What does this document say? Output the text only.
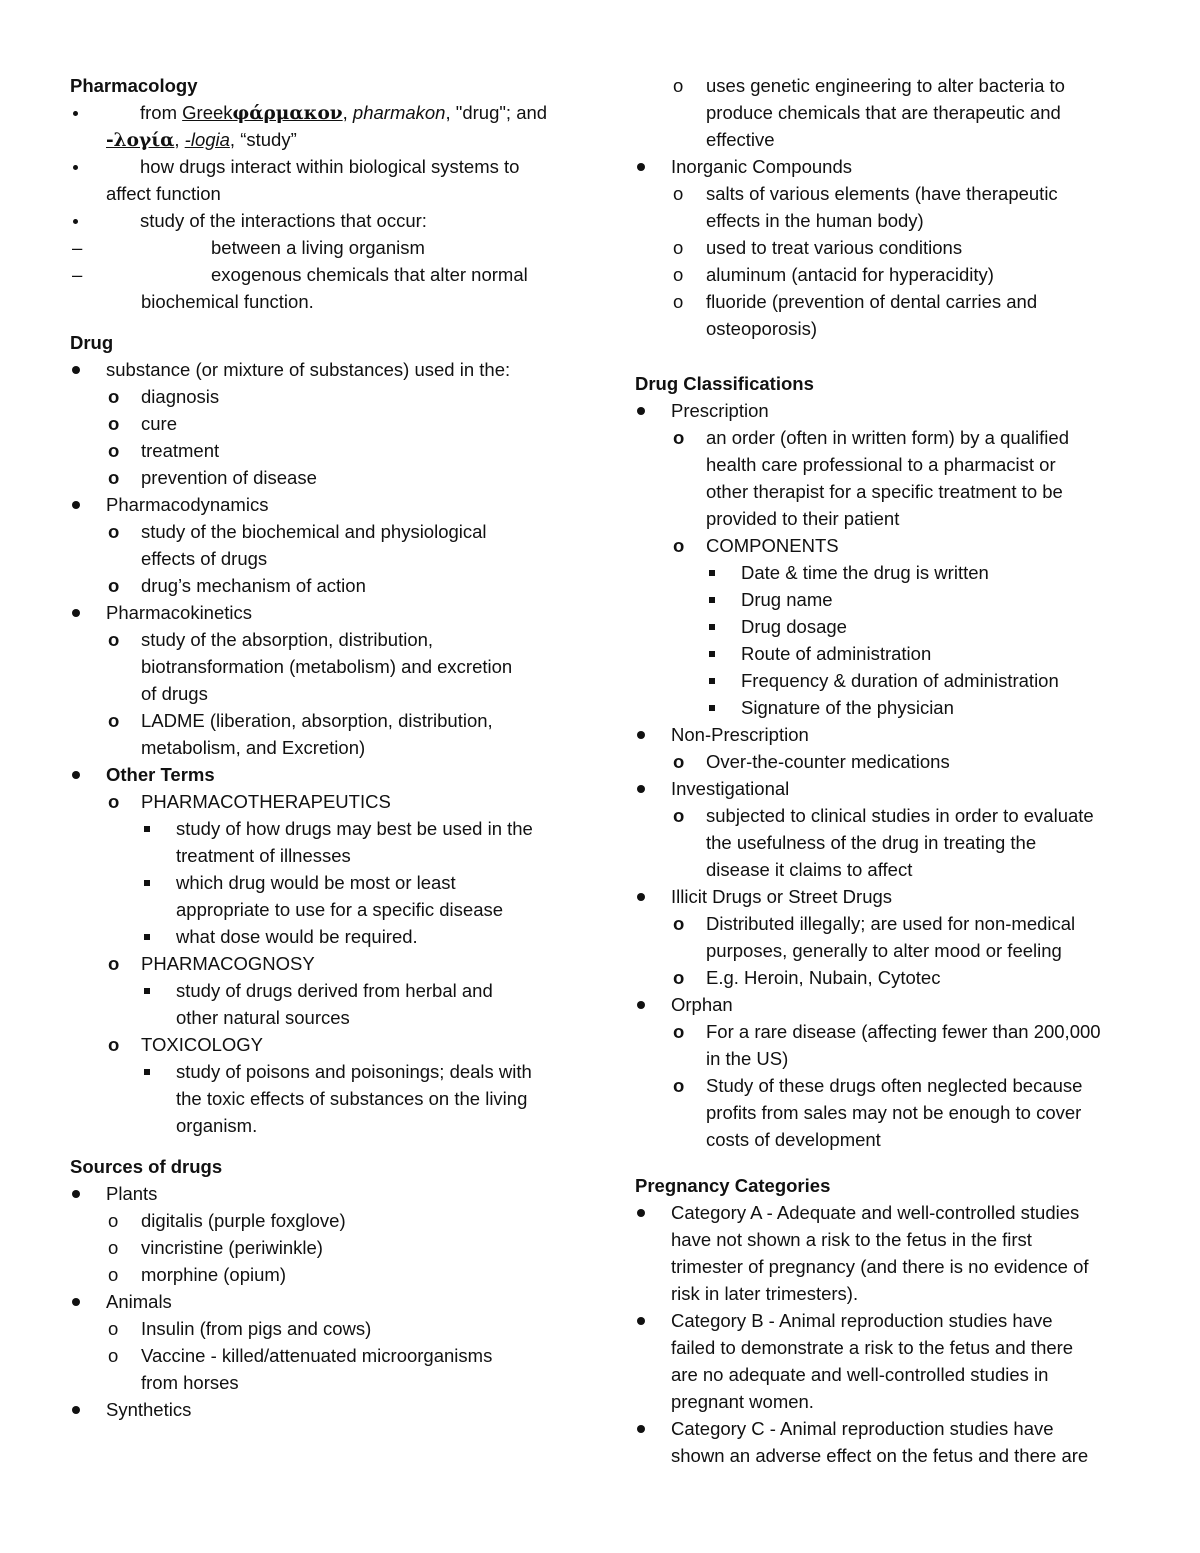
Pharmacology
from Greekφάρμακον, pharmakon, "drug"; and
-λογία, -logia, “study”
how drugs interact within biological systems to
affect function
study of the interactions that occur:
–	between a living organism
–	exogenous chemicals that alter normal
biochemical function.
Drug
substance (or mixture of substances) used in the:
o diagnosis
o cure
o treatment
o prevention of disease
Pharmacodynamics
o study of the biochemical and physiological
effects of drugs
o drug’s mechanism of action
Pharmacokinetics
o study of the absorption, distribution,
biotransformation (metabolism) and excretion
of drugs
o LADME (liberation, absorption, distribution,
metabolism, and Excretion)
Other Terms
o PHARMACOTHERAPEUTICS
study of how drugs may best be used in the
treatment of illnesses
which drug would be most or least
appropriate to use for a specific disease
what dose would be required.
o PHARMACOGNOSY
study of drugs derived from herbal and
other natural sources
o TOXICOLOGY
study of poisons and poisonings; deals with
the toxic effects of substances on the living
organism.
Sources of drugs
Plants
o digitalis (purple foxglove)
o vincristine (periwinkle)
o morphine (opium)
Animals
o Insulin (from pigs and cows)
o Vaccine - killed/attenuated microorganisms
from horses
Synthetics
o uses genetic engineering to alter bacteria to
produce chemicals that are therapeutic and
effective
Inorganic Compounds
o salts of various elements (have therapeutic
effects in the human body)
o used to treat various conditions
o aluminum (antacid for hyperacidity)
o fluoride (prevention of dental carries and
osteoporosis)
Drug Classifications
Prescription
o an order (often in written form) by a qualified
health care professional to a pharmacist or
other therapist for a specific treatment to be
provided to their patient
o COMPONENTS
Date & time the drug is written
Drug name
Drug dosage
Route of administration
Frequency & duration of administration
Signature of the physician
Non-Prescription
o Over-the-counter medications
Investigational
o subjected to clinical studies in order to evaluate
the usefulness of the drug in treating the
disease it claims to affect
Illicit Drugs or Street Drugs
o Distributed illegally; are used for non-medical
purposes, generally to alter mood or feeling
o E.g. Heroin, Nubain, Cytotec
Orphan
o For a rare disease (affecting fewer than 200,000
in the US)
o Study of these drugs often neglected because
profits from sales may not be enough to cover
costs of development
Pregnancy Categories
Category A - Adequate and well-controlled studies
have not shown a risk to the fetus in the first
trimester of pregnancy (and there is no evidence of
risk in later trimesters).
Category B - Animal reproduction studies have
failed to demonstrate a risk to the fetus and there
are no adequate and well-controlled studies in
pregnant women.
Category C - Animal reproduction studies have
shown an adverse effect on the fetus and there are
